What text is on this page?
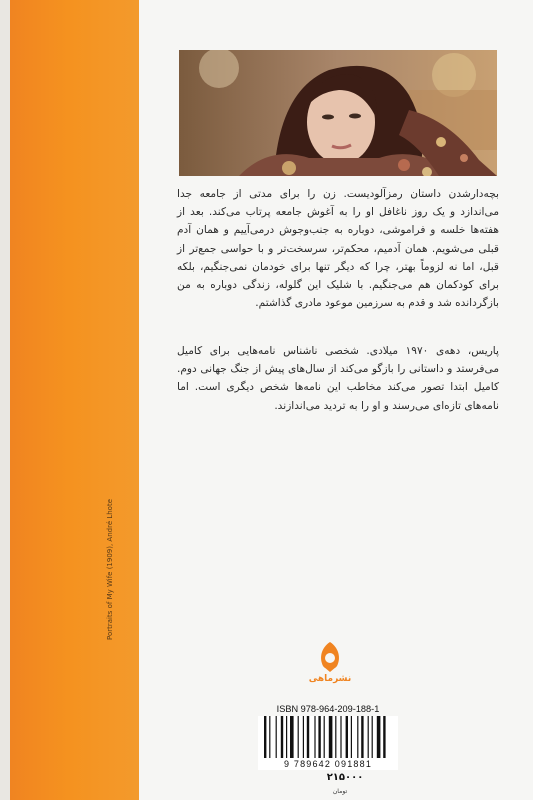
بچه‌دارشدن داستان رمزآلودیست. زن را برای مدتی از جامعه جدا می‌اندازد و یک روز ناغافل او را به آغوش جامعه پرتاب می‌کند. بعد از هفته‌ها خلسه و فراموشی، دوباره به جنب‌وجوش درمی‌آییم و همان آدم قبلی می‌شویم. همان آدمیم، محکم‌تر، سرسخت‌تر و با حواسی جمع‌تر از قبل، اما نه لزوماً بهتر، چرا که دیگر تنها برای خودمان نمی‌جنگیم، بلکه برای کودکمان هم می‌جنگیم. با شلیک این گلوله، زندگی دوباره به من بازگردانده شد و قدم به سرزمین موعود مادری گذاشتم.
پاریس، دهه‌ی ۱۹۷۰ میلادی. شخصی ناشناس نامه‌هایی برای کامیل می‌فرستد و داستانی را بازگو می‌کند از سال‌های پیش از جنگ جهانی دوم. کامیل ابتدا تصور می‌کند مخاطب این نامه‌ها شخص دیگری است. اما نامه‌های تازه‌ای می‌رسند و او را به تردید می‌اندازند.
Portraits of My Wife (1909), André Lhote
نشرماهی
ISBN 978-964-209-188-1
9 789642 091881
۲۱۵۰۰۰
تومان
